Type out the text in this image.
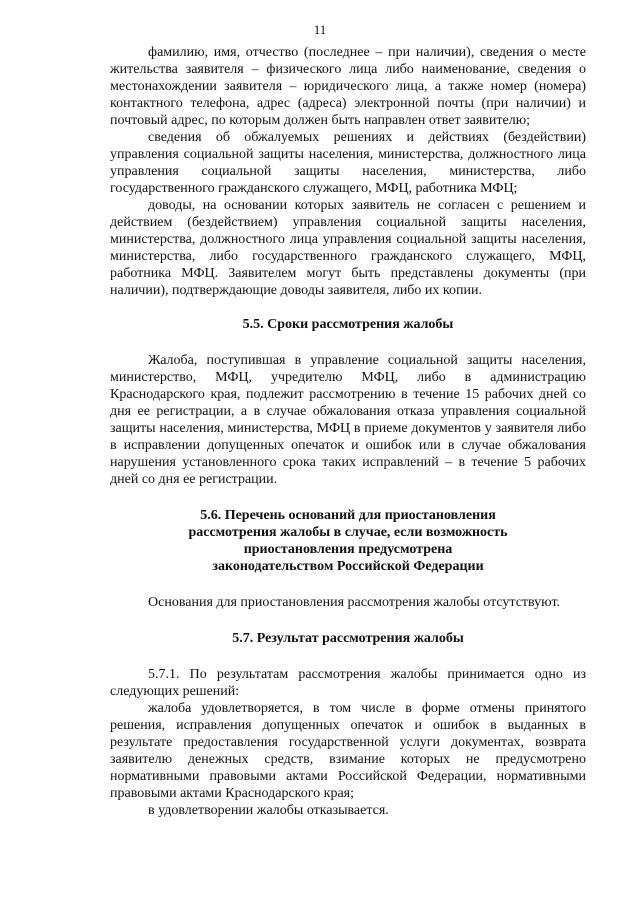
11

фамилию, имя, отчество (последнее – при наличии), сведения о месте жительства заявителя – физического лица либо наименование, сведения о местонахождении заявителя – юридического лица, а также номер (номера) контактного телефона, адрес (адреса) электронной почты (при наличии) и почтовый адрес, по которым должен быть направлен ответ заявителю;

сведения об обжалуемых решениях и действиях (бездействии) управления социальной защиты населения, министерства, должностного лица управления социальной защиты населения, министерства, либо государственного гражданского служащего, МФЦ, работника МФЦ;

доводы, на основании которых заявитель не согласен с решением и действием (бездействием) управления социальной защиты населения, министерства, должностного лица управления социальной защиты населения, министерства, либо государственного гражданского служащего, МФЦ, работника МФЦ. Заявителем могут быть представлены документы (при наличии), подтверждающие доводы заявителя, либо их копии.

5.5. Сроки рассмотрения жалобы

Жалоба, поступившая в управление социальной защиты населения, министерство, МФЦ, учредителю МФЦ, либо в администрацию Краснодарского края, подлежит рассмотрению в течение 15 рабочих дней со дня ее регистрации, а в случае обжалования отказа управления социальной защиты населения, министерства, МФЦ в приеме документов у заявителя либо в исправлении допущенных опечаток и ошибок или в случае обжалования нарушения установленного срока таких исправлений – в течение 5 рабочих дней со дня ее регистрации.

5.6. Перечень оснований для приостановления

рассмотрения жалобы в случае, если возможность

приостановления предусмотрена

законодательством Российской Федерации

Основания для приостановления рассмотрения жалобы отсутствуют.

5.7. Результат рассмотрения жалобы

5.7.1. По результатам рассмотрения жалобы принимается одно из следующих решений:

жалоба удовлетворяется, в том числе в форме отмены принятого решения, исправления допущенных опечаток и ошибок в выданных в результате предоставления государственной услуги документах, возврата заявителю денежных средств, взимание которых не предусмотрено нормативными правовыми актами Российской Федерации, нормативными правовыми актами Краснодарского края;

в удовлетворении жалобы отказывается.
